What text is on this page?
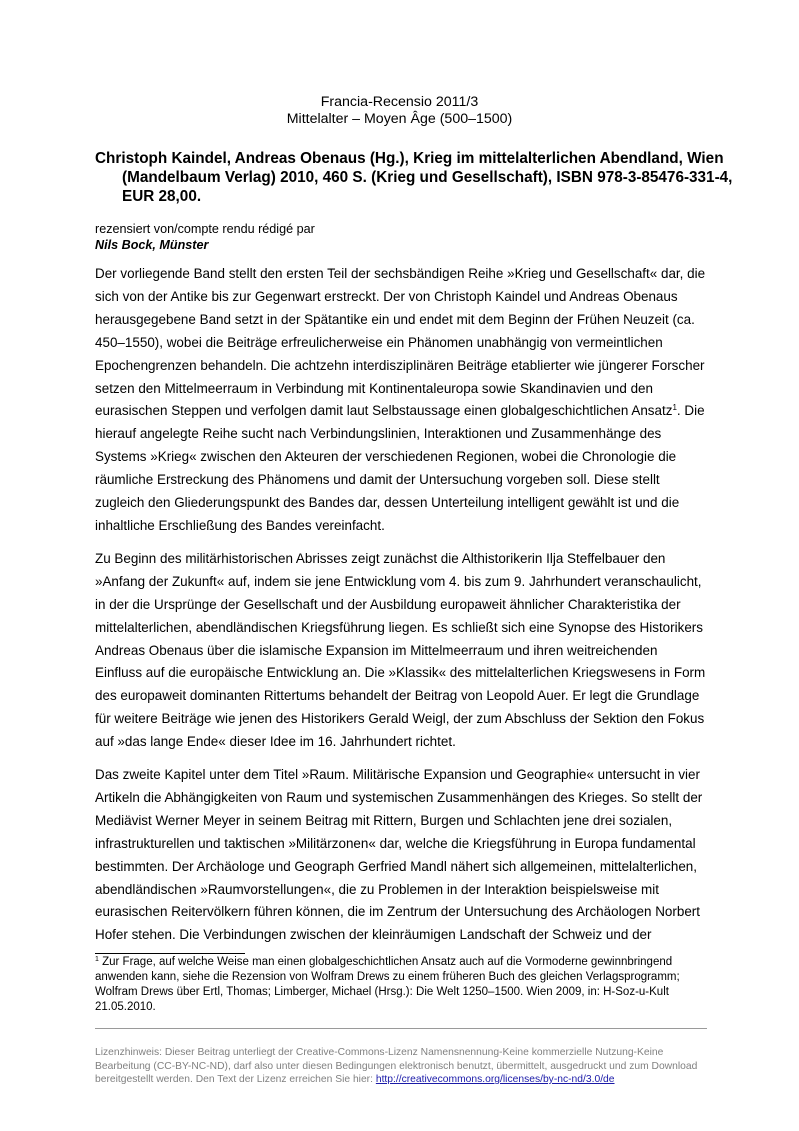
Francia-Recensio 2011/3
Mittelalter – Moyen Âge (500–1500)
Christoph Kaindel, Andreas Obenaus (Hg.), Krieg im mittelalterlichen Abendland, Wien (Mandelbaum Verlag) 2010, 460 S. (Krieg und Gesellschaft), ISBN 978-3-85476-331-4, EUR 28,00.
rezensiert von/compte rendu rédigé par
Nils Bock, Münster

Der vorliegende Band stellt den ersten Teil der sechsbändigen Reihe »Krieg und Gesellschaft« dar, die sich von der Antike bis zur Gegenwart erstreckt. Der von Christoph Kaindel und Andreas Obenaus herausgegebene Band setzt in der Spätantike ein und endet mit dem Beginn der Frühen Neuzeit (ca. 450–1550), wobei die Beiträge erfreulicherweise ein Phänomen unabhängig von vermeintlichen Epochengrenzen behandeln. Die achtzehn interdisziplinären Beiträge etablierter wie jüngerer Forscher setzen den Mittelmeerraum in Verbindung mit Kontinentaleuropa sowie Skandinavien und den eurasischen Steppen und verfolgen damit laut Selbstaussage einen globalgeschichtlichen Ansatz$^1$. Die hierauf angelegte Reihe sucht nach Verbindungslinien, Interaktionen und Zusammenhänge des Systems »Krieg« zwischen den Akteuren der verschiedenen Regionen, wobei die Chronologie die räumliche Erstreckung des Phänomens und damit der Untersuchung vorgeben soll. Diese stellt zugleich den Gliederungspunkt des Bandes dar, dessen Unterteilung intelligent gewählt ist und die inhaltliche Erschließung des Bandes vereinfacht.

Zu Beginn des militärhistorischen Abrisses zeigt zunächst die Althistorikerin Ilja Steffelbauer den »Anfang der Zukunft« auf, indem sie jene Entwicklung vom 4. bis zum 9. Jahrhundert veranschaulicht, in der die Ursprünge der Gesellschaft und der Ausbildung europaweit ähnlicher Charakteristika der mittelalterlichen, abendländischen Kriegsführung liegen. Es schließt sich eine Synopse des Historikers Andreas Obenaus über die islamische Expansion im Mittelmeerraum und ihren weitreichenden Einfluss auf die europäische Entwicklung an. Die »Klassik« des mittelalterlichen Kriegswesens in Form des europaweit dominanten Rittertums behandelt der Beitrag von Leopold Auer. Er legt die Grundlage für weitere Beiträge wie jenen des Historikers Gerald Weigl, der zum Abschluss der Sektion den Fokus auf »das lange Ende« dieser Idee im 16. Jahrhundert richtet.

Das zweite Kapitel unter dem Titel »Raum. Militärische Expansion und Geographie« untersucht in vier Artikeln die Abhängigkeiten von Raum und systemischen Zusammenhängen des Krieges. So stellt der Mediävist Werner Meyer in seinem Beitrag mit Rittern, Burgen und Schlachten jene drei sozialen, infrastrukturellen und taktischen »Militärzonen« dar, welche die Kriegsführung in Europa fundamental bestimmten. Der Archäologe und Geograph Gerfried Mandl nähert sich allgemeinen, mittelalterlichen, abendländischen »Raumvorstellungen«, die zu Problemen in der Interaktion beispielsweise mit eurasischen Reitervölkern führen können, die im Zentrum der Untersuchung des Archäologen Norbert Hofer stehen. Die Verbindungen zwischen der kleinräumigen Landschaft der Schweiz und der

$^1$ Zur Frage, auf welche Weise man einen globalgeschichtlichen Ansatz auch auf die Vormoderne gewinnbringend anwenden kann, siehe die Rezension von Wolfram Drews zu einem früheren Buch des gleichen Verlagsprogramm; Wolfram Drews über Ertl, Thomas; Limberger, Michael (Hrsg.): Die Welt 1250–1500. Wien 2009, in: H-Soz-u-Kult 21.05.2010.
Lizenzhinweis: Dieser Beitrag unterliegt der Creative-Commons-Lizenz Namensnennung-Keine kommerzielle Nutzung-Keine Bearbeitung (CC-BY-NC-ND), darf also unter diesen Bedingungen elektronisch benutzt, übermittelt, ausgedruckt und zum Download bereitgestellt werden. Den Text der Lizenz erreichen Sie hier: http://creativecommons.org/licenses/by-nc-nd/3.0/de
